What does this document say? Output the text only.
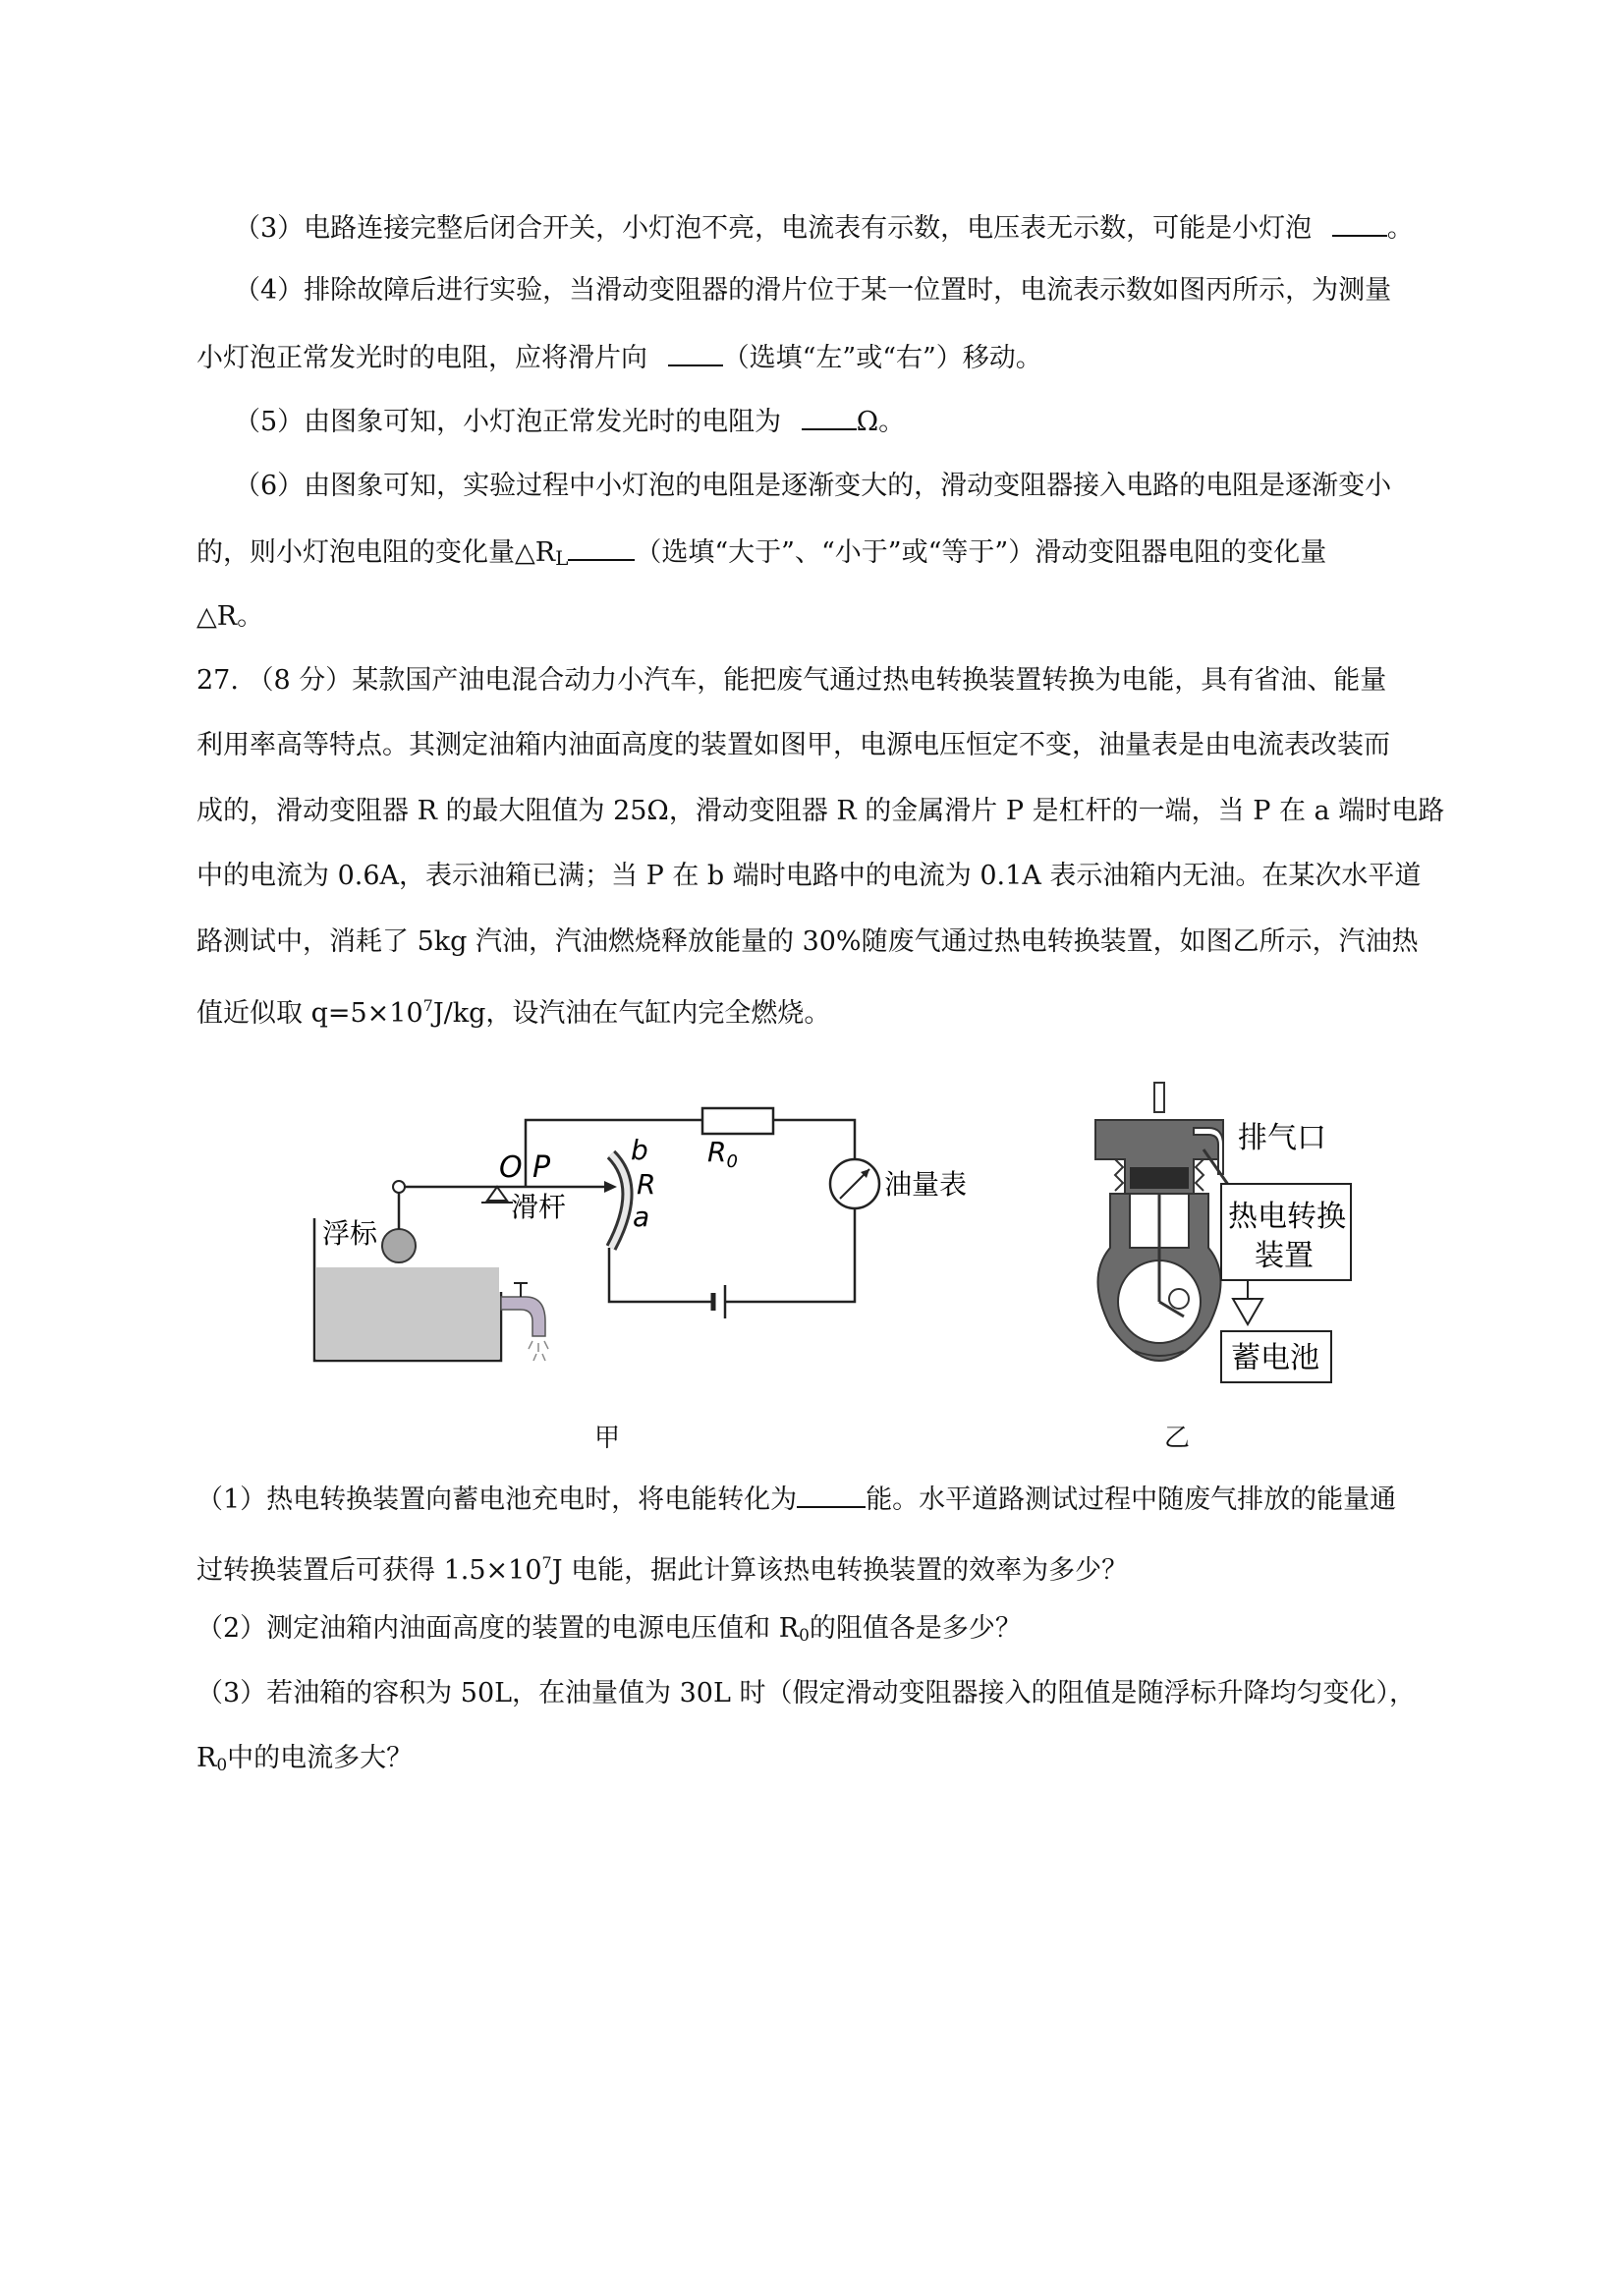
（3）电路连接完整后闭合开关，小灯泡不亮，电流表有示数，电压表无示数，可能是小灯泡	。
（4）排除故障后进行实验，当滑动变阻器的滑片位于某一位置时，电流表示数如图丙所示，为测量
小灯泡正常发光时的电阻，应将滑片向	（选填“左”或“右”）移动。
（5）由图象可知，小灯泡正常发光时的电阻为	Ω。
（6）由图象可知，实验过程中小灯泡的电阻是逐渐变大的，滑动变阻器接入电路的电阻是逐渐变小
的，则小灯泡电阻的变化量$\triangle R_L$	（选填“大于”、“小于”或“等于”）滑动变阻器电阻的变化量
△R。
27. （8 分）某款国产油电混合动力小汽车，能把废气通过热电转换装置转换为电能，具有省油、能量
利用率高等特点。其测定油箱内油面高度的装置如图甲，电源电压恒定不变，油量表是由电流表改装而
成的，滑动变阻器 R 的最大阻值为 25Ω，滑动变阻器 R 的金属滑片 P 是杠杆的一端，当 P 在 a 端时电路
中的电流为 0.6A，表示油箱已满；当 P 在 b 端时电路中的电流为 0.1A 表示油箱内无油。在某次水平道
路测试中，消耗了 5kg 汽油，汽油燃烧释放能量的 30%随废气通过热电转换装置，如图乙所示，汽油热
值近似取 $q=5\times 10^7J/kg$，设汽油在气缸内完全燃烧。
浮标
滑杆
油量表
O P
b
R
a
$R_0$
甲
排气口
热电转换
装置
蓄电池
乙
（1）热电转换装置向蓄电池充电时，将电能转化为	能。水平道路测试过程中随废气排放的能量通
过转换装置后可获得 $1.5\times 10^7J$ 电能，据此计算该热电转换装置的效率为多少？
（2）测定油箱内油面高度的装置的电源电压值和 $R_0$的阻值各是多少？
（3）若油箱的容积为 50L，在油量值为 30L 时（假定滑动变阻器接入的阻值是随浮标升降均匀变化），
$R_0$中的电流多大？
